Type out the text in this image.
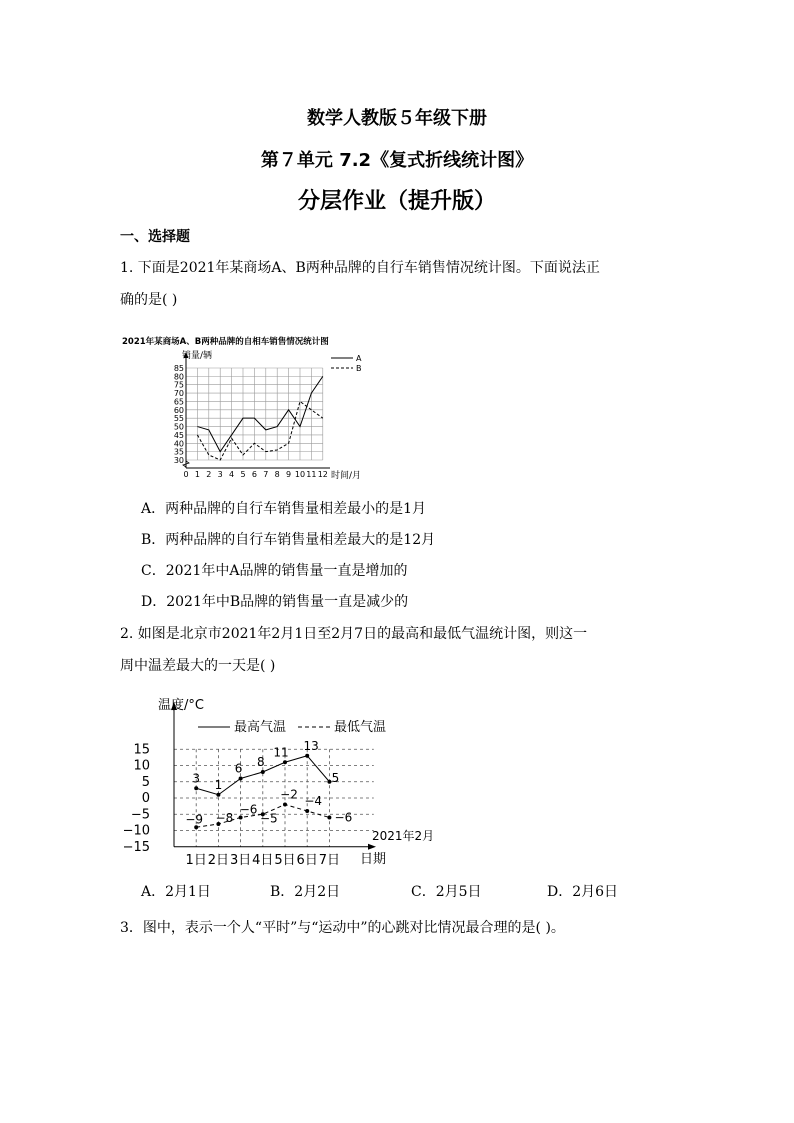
数学人教版５年级下册
第７单元 7.2《复式折线统计图》
分层作业（提升版）
一、选择题
1. 下面是2021年某商场A、B两种品牌的自行车销售情况统计图。下面说法正
确的是( )
30
35
40
45
50
55
60
65
70
75
80
85
0 1 2 3 4 5 6 7 8 9 10 11 12
A
B
2021年某商场A、B两种品牌的自相车销售情况统计图
销量/辆
时间/月
A．两种品牌的自行车销售量相差最小的是1月
B．两种品牌的自行车销售量相差最大的是12月
C．2021年中A品牌的销售量一直是增加的
D．2021年中B品牌的销售量一直是减少的
2. 如图是北京市2021年2月1日至2月7日的最高和最低气温统计图，则这一
周中温差最大的一天是( )
15
10
5
0
−5
−10
−15
1日 2日 3日 4日 5日 6日 7日
3 1
6 8
11 13
5
−9 −8
−6
−5
−2 −4
−6
最高气温	最低气温
温度/°C
日期
2021年2月
A．2月1日	B．2月2日	C．2月5日	D．2月6日
3．图中，表示一个人“平时”与“运动中”的心跳对比情况最合理的是( )。
